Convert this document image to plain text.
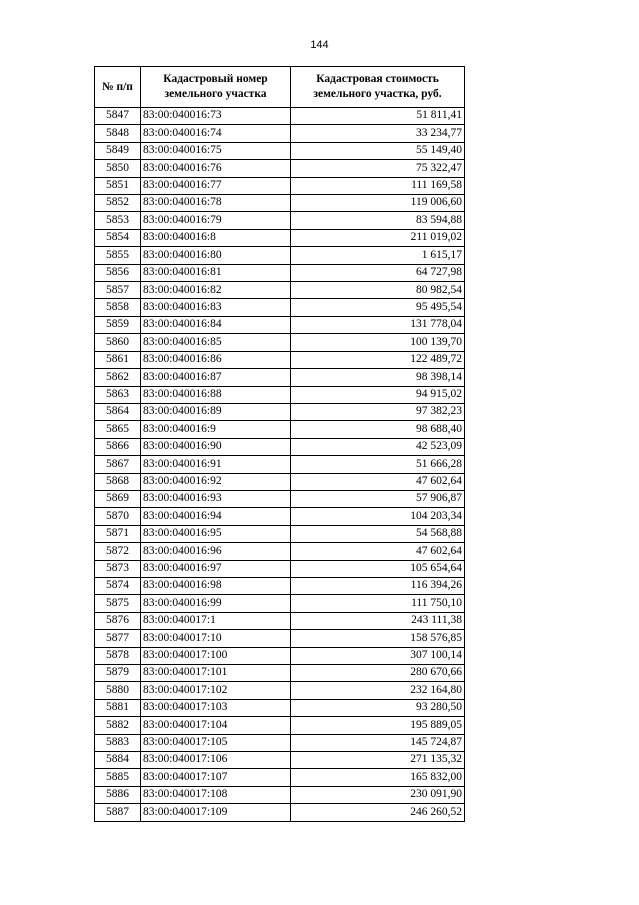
144
№ п/п	Кадастровый номер земельного участка	Кадастровая стоимость земельного участка, руб.
5847	83:00:040016:73	51 811,41
5848	83:00:040016:74	33 234,77
5849	83:00:040016:75	55 149,40
5850	83:00:040016:76	75 322,47
5851	83:00:040016:77	111 169,58
5852	83:00:040016:78	119 006,60
5853	83:00:040016:79	83 594,88
5854	83:00:040016:8	211 019,02
5855	83:00:040016:80	1 615,17
5856	83:00:040016:81	64 727,98
5857	83:00:040016:82	80 982,54
5858	83:00:040016:83	95 495,54
5859	83:00:040016:84	131 778,04
5860	83:00:040016:85	100 139,70
5861	83:00:040016:86	122 489,72
5862	83:00:040016:87	98 398,14
5863	83:00:040016:88	94 915,02
5864	83:00:040016:89	97 382,23
5865	83:00:040016:9	98 688,40
5866	83:00:040016:90	42 523,09
5867	83:00:040016:91	51 666,28
5868	83:00:040016:92	47 602,64
5869	83:00:040016:93	57 906,87
5870	83:00:040016:94	104 203,34
5871	83:00:040016:95	54 568,88
5872	83:00:040016:96	47 602,64
5873	83:00:040016:97	105 654,64
5874	83:00:040016:98	116 394,26
5875	83:00:040016:99	111 750,10
5876	83:00:040017:1	243 111,38
5877	83:00:040017:10	158 576,85
5878	83:00:040017:100	307 100,14
5879	83:00:040017:101	280 670,66
5880	83:00:040017:102	232 164,80
5881	83:00:040017:103	93 280,50
5882	83:00:040017:104	195 889,05
5883	83:00:040017:105	145 724,87
5884	83:00:040017:106	271 135,32
5885	83:00:040017:107	165 832,00
5886	83:00:040017:108	230 091,90
5887	83:00:040017:109	246 260,52
